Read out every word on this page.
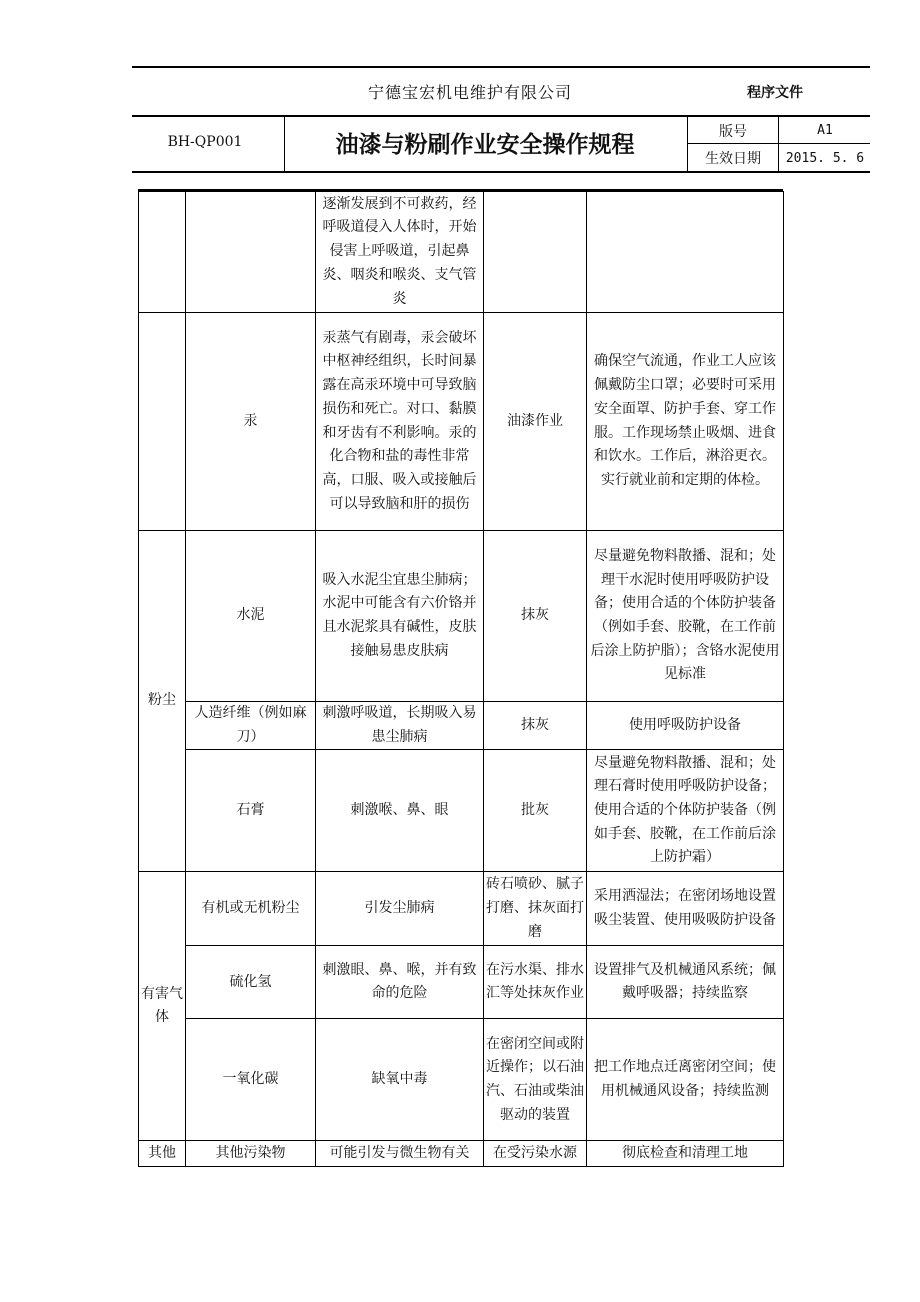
宁德宝宏机电维护有限公司	程序文件
BH-QP001	油漆与粉刷作业安全操作规程	版号	A1
生效日期	2015. 5. 6
		逐渐发展到不可救药，经呼吸道侵入人体时，开始侵害上呼吸道，引起鼻炎、咽炎和喉炎、支气管炎		
	汞	汞蒸气有剧毒，汞会破坏中枢神经组织，长时间暴露在高汞环境中可导致脑损伤和死亡。对口、黏膜和牙齿有不利影响。汞的化合物和盐的毒性非常高，口服、吸入或接触后可以导致脑和肝的损伤	油漆作业	确保空气流通，作业工人应该佩戴防尘口罩；必要时可采用安全面罩、防护手套、穿工作服。工作现场禁止吸烟、进食和饮水。工作后，淋浴更衣。实行就业前和定期的体检。
粉尘	水泥	吸入水泥尘宜患尘肺病；水泥中可能含有六价铬并且水泥浆具有碱性，皮肤接触易患皮肤病	抹灰	尽量避免物料散播、混和；处理干水泥时使用呼吸防护设备；使用合适的个体防护装备（例如手套、胶靴，在工作前后涂上防护脂）；含铬水泥使用见标准
	人造纤维（例如麻刀）	刺激呼吸道，长期吸入易患尘肺病	抹灰	使用呼吸防护设备
	石膏	刺激喉、鼻、眼	批灰	尽量避免物料散播、混和；处理石膏时使用呼吸防护设备；使用合适的个体防护装备（例如手套、胶靴，在工作前后涂上防护霜）
有害气体	有机或无机粉尘	引发尘肺病	砖石喷砂、腻子打磨、抹灰面打磨	采用洒湿法；在密闭场地设置吸尘装置、使用吸吸防护设备
	硫化氢	刺激眼、鼻、喉，并有致命的危险	在污水渠、排水汇等处抹灰作业	设置排气及机械通风系统；佩戴呼吸器；持续监察
	一氧化碳	缺氧中毒	在密闭空间或附近操作；以石油汽、石油或柴油驱动的装置	把工作地点迁离密闭空间；使用机械通风设备；持续监测
其他	其他污染物	可能引发与微生物有关	在受污染水源	彻底检查和清理工地
